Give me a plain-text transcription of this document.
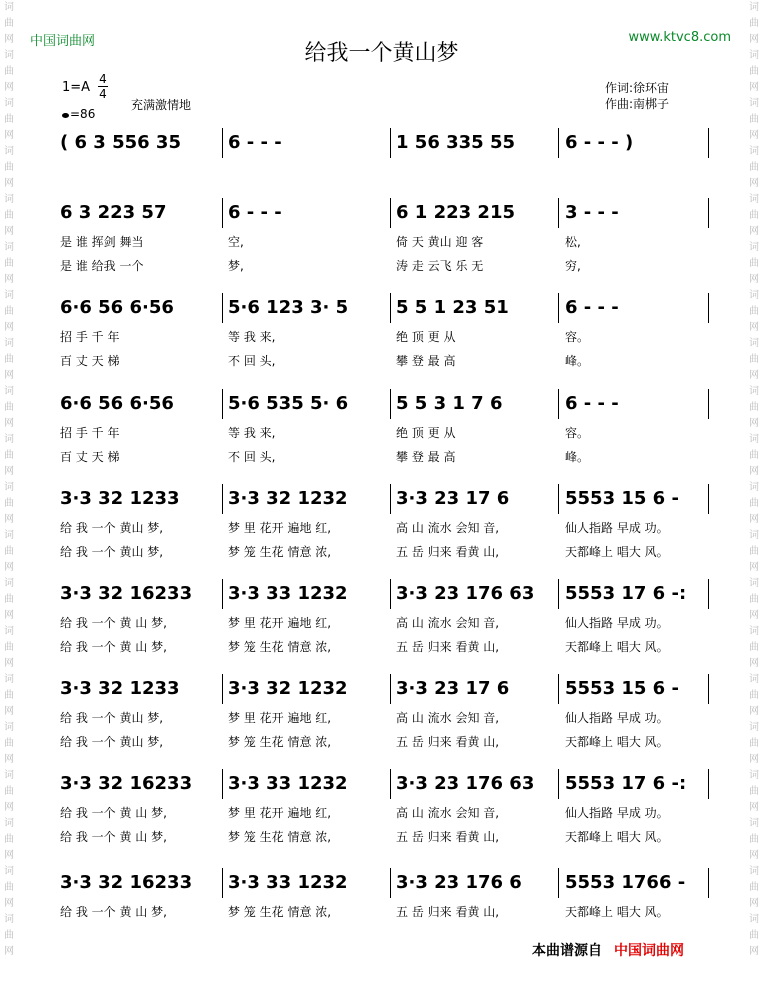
词
曲
网
词
曲
网
词
曲
网
词
曲
网
词
曲
网
词
曲
网
词
曲
网
词
曲
网
词
曲
网
词
曲
网
词
曲
网
词
曲
网
词
曲
网
词
曲
网
词
曲
网
词
曲
网
词
曲
网
词
曲
网
词
曲
网
词
曲
网
词
曲
网
词
曲
网
词
曲
网
词
曲
网
词
曲
网
词
曲
网
词
曲
网
词
曲
网
词
曲
网
词
曲
网
词
曲
网
词
曲
网
词
曲
网
词
曲
网
词
曲
网
词
曲
网
词
曲
网
词
曲
网
词
曲
网
词
曲
网
中国词曲网	www.ktvc8.com
给我一个黄山梦
1=A
4
4
=86
充满激情地
作词:徐环宙
作曲:南梆子
( 6 3 556 35	6 - - -	1 56 335 55	6 - - - )
6 3 223 57	6 - - -	6 1 223 215	3 - - -
是 谁 挥剑 舞当	空,	倚 天 黄山 迎 客	松,
是 谁 给我 一个	梦,	涛 走 云飞 乐 无	穷,
6·6 56 6·56	5·6 123 3· 5	5 5 1 23 51	6 - - -
招 手 千 年	等 我 来,	绝 顶 更 从	容。
百 丈 天 梯	不 回 头,	攀 登 最 高	峰。
6·6 56 6·56	5·6 535 5· 6	5 5 3 1 7 6	6 - - -
招 手 千 年	等 我 来,	绝 顶 更 从	容。
百 丈 天 梯	不 回 头,	攀 登 最 高	峰。
3·3 32 1233	3·3 32 1232	3·3 23 17 6	5553 15 6 -
给 我 一个 黄山 梦,	梦 里 花开 遍地 红,	高 山 流水 会知 音,	仙人指路 早成 功。
给 我 一个 黄山 梦,	梦 笼 生花 情意 浓,	五 岳 归来 看黄 山,	天都峰上 唱大 风。
3·3 32 16233	3·3 33 1232	3·3 23 176 63	5553 17 6 -:
给 我 一个 黄 山 梦,	梦 里 花开 遍地 红,	高 山 流水 会知 音,	仙人指路 早成 功。
给 我 一个 黄 山 梦,	梦 笼 生花 情意 浓,	五 岳 归来 看黄 山,	天都峰上 唱大 风。
3·3 32 1233	3·3 32 1232	3·3 23 17 6	5553 15 6 -
给 我 一个 黄山 梦,	梦 里 花开 遍地 红,	高 山 流水 会知 音,	仙人指路 早成 功。
给 我 一个 黄山 梦,	梦 笼 生花 情意 浓,	五 岳 归来 看黄 山,	天都峰上 唱大 风。
3·3 32 16233	3·3 33 1232	3·3 23 176 63	5553 17 6 -:
给 我 一个 黄 山 梦,	梦 里 花开 遍地 红,	高 山 流水 会知 音,	仙人指路 早成 功。
给 我 一个 黄 山 梦,	梦 笼 生花 情意 浓,	五 岳 归来 看黄 山,	天都峰上 唱大 风。
3·3 32 16233	3·3 33 1232	3·3 23 176 6	5553 1766 -
给 我 一个 黄 山 梦,	梦 笼 生花 情意 浓,	五 岳 归来 看黄 山,	天都峰上 唱大 风。
本曲谱源自 中国词曲网
